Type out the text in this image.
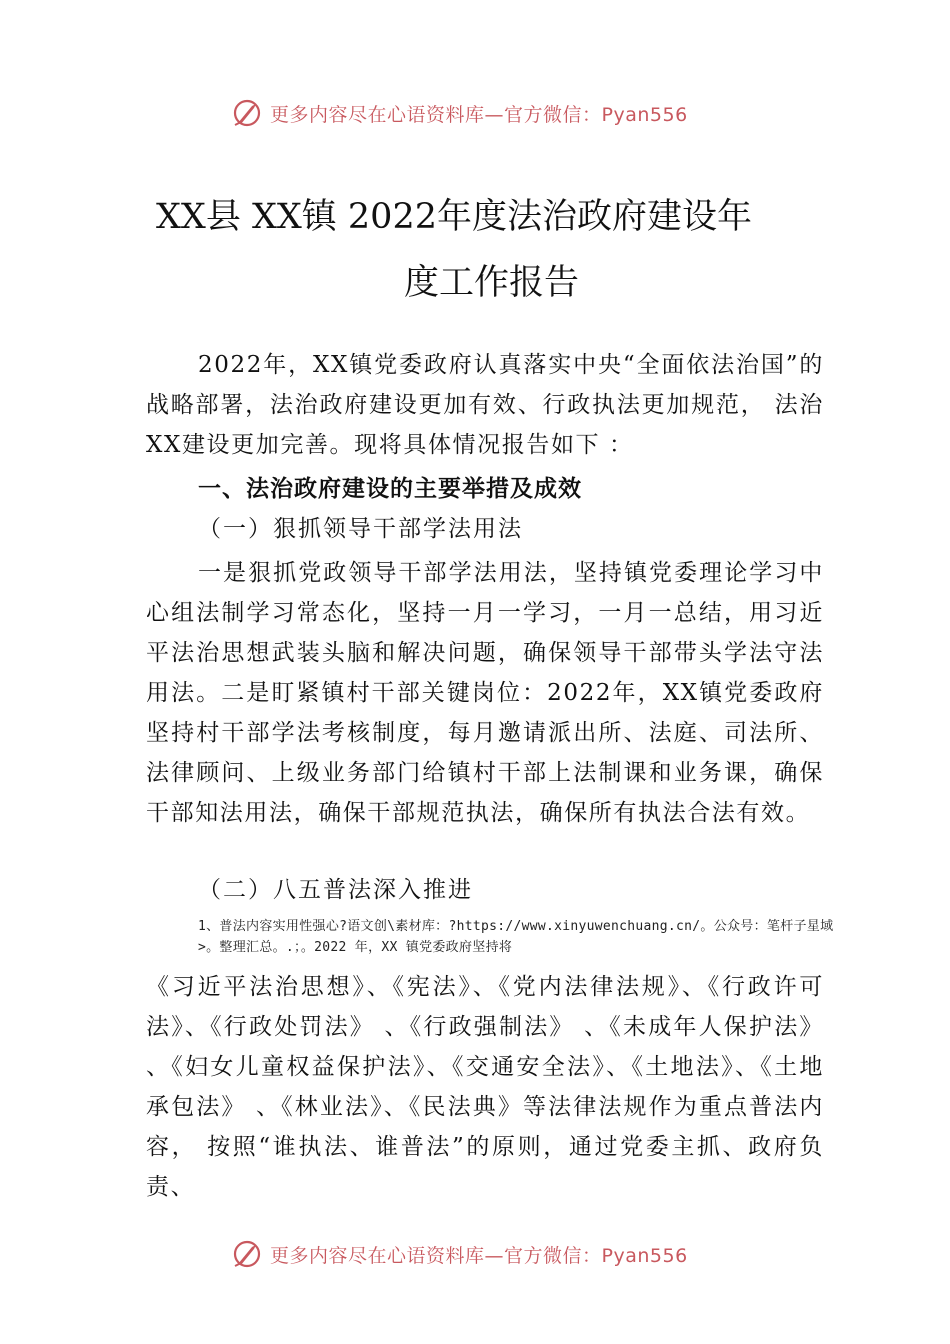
更多内容尽在心语资料库—官方微信：Pyan556
XX县 XX镇 2022年度法治政府建设年
度工作报告

2022年，XX镇党委政府认真落实中央“全面依法治国”的战略部署，法治政府建设更加有效、行政执法更加规范， 法治XX建设更加完善。现将具体情况报告如下 ：

一、法治政府建设的主要举措及成效
（一）狠抓领导干部学法用法

一是狠抓党政领导干部学法用法，坚持镇党委理论学习中心组法制学习常态化，坚持一月一学习，一月一总结，用习近平法治思想武装头脑和解决问题，确保领导干部带头学法守法用法。二是盯紧镇村干部关键岗位：2022年，XX镇党委政府坚持村干部学法考核制度，每月邀请派出所、法庭、司法所、法律顾问、上级业务部门给镇村干部上法制课和业务课，确保干部知法用法，确保干部规范执法，确保所有执法合法有效。

（二）八五普法深入推进

1、普法内容实用性强心?语文创\素材库：?https://www.xinyuwenchuang.cn/。公众号：笔杆子星域>。整理汇总。.；。2022 年，XX 镇党委政府坚持将

《习近平法治思想》、《宪法》、《党内法律法规》、《行政许可法》、《行政处罚法》 、《行政强制法》 、《未成年人保护法》 、《妇女儿童权益保护法》、《交通安全法》、《土地法》、《土地承包法》 、《林业法》、《民法典》等法律法规作为重点普法内容， 按照“谁执法、谁普法”的原则，通过党委主抓、政府负责、

更多内容尽在心语资料库—官方微信：Pyan556
